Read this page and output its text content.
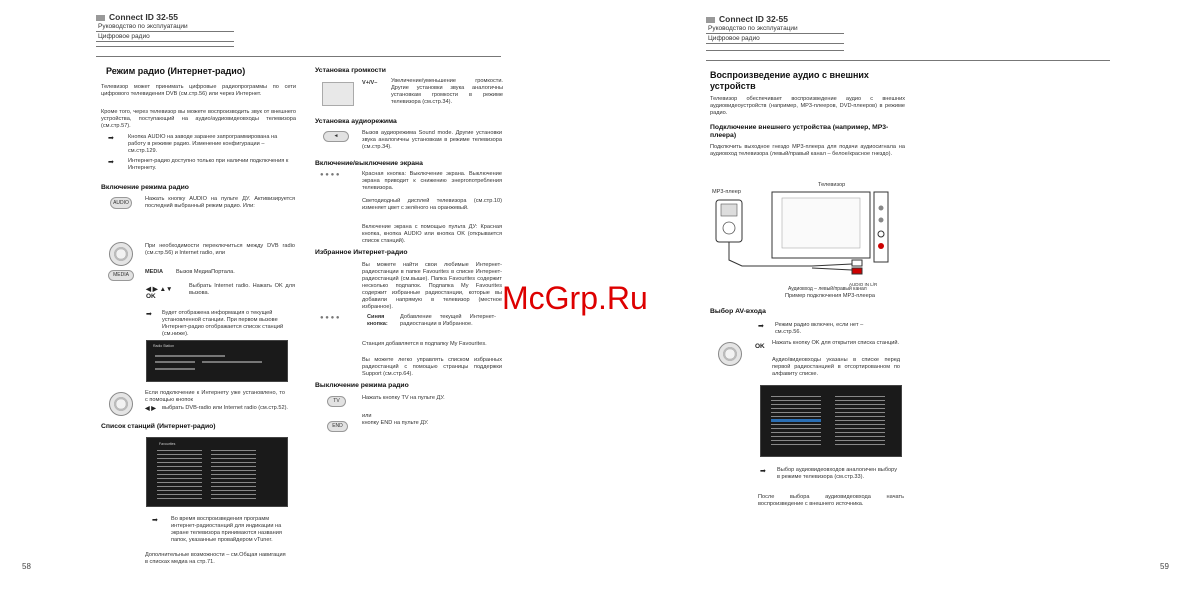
Connect ID 32-55
Руководство по эксплуатации
Цифровое радио
Connect ID 32-55
Руководство по эксплуатации
Цифровое радио
Режим радио (Интернет-радио)
Телевизор может принимать цифровые радиопрограммы по сети цифрового телевидения DVB (см.стр.56) или через Интернет.
Кроме того, через телевизор вы можете воспроизводить звук от внешнего устройства, поступающий на аудио/аудиовидеовходы телевизора (см.стр.57).
➡	Кнопка AUDIO на заводе заранее запрограммирована на работу в режиме радио. Изменение конфигурации – см.стр.129.
➡	Интернет-радио доступно только при наличии подключения к Интернету.
Включение режима радио
AUDIO
Нажать кнопку AUDIO на пульте ДУ. Активизируется последний выбранный режим радио. Или:
При необходимости переключиться между DVB radio (см.стр.56) и Internet radio, или
MEDIA	MEDIA Вызов МедиаПортала.
◀ ▶ ▲▼
OK
Выбрать Internet radio. Нажать OK для вызова.
➡ Будет отображена информация о текущей установленной станции. При первом вызове Интернет-радио отображается список станций (см.ниже).
Radio Station
Если подключение к Интернету уже установлено, то с помощью кнопок
◀ ▶ выбрать DVB-radio или Internet radio (см.стр.52).
Список станций (Интернет-радио)
Favourites
➡ Во время воспроизведения программ интернет-радиостанций для индикации на экране телевизора принимаются названия папок, указанные провайдером vTuner.
Дополнительные возможности – см.Общая навигация в списках медиа на стр.71.
58
Установка громкости
V+/V– Увеличение/уменьшение громкости. Другие установки звука аналогичны установкам громкости в режиме телевизора (см.стр.34).
Установка аудиорежима
◄	Вызов аудиорежима Sound mode. Другие установки звука аналогичны установкам в режиме телевизора (см.стр.34).
Включение/выключение экрана
● ● ● ●	Красная кнопка: Выключение экрана. Выключение экрана приводит к снижению энергопотребления телевизора.
Светодиодный дисплей телевизора (см.стр.10) изменяет цвет с зелёного на оранжевый.
Включение экрана с помощью пульта ДУ: Красная кнопка, кнопка AUDIO или кнопка OK (открывается список станций).
Избранное Интернет-радио
Вы можете найти свои любимые Интернет-радиостанции в папке Favourites в списке Интернет-радиостанций (см.выше). Папка Favourites содержит несколько подпапок. Подпапка My Favourites содержит избранные радиостанции, которые вы добавили напрямую в телевизор (местное избранное).
● ● ● ●	Синяя кнопка:
Добавление текущей Интернет-радиостанции в Избранное.
Станция добавляется в подпапку My Favourites.
Вы можете легко управлять списком избранных радиостанций с помощью страницы поддержки Support (см.стр.64).
Выключение режима радио
TV	Нажать кнопку TV на пульте ДУ.
или
END	кнопку END на пульте ДУ.
McGrp.Ru
Воспроизведение аудио с внешних устройств
Телевизор обеспечивает воспроизведение аудио с внешних аудиовидеоустройств (например, MP3-плееров, DVD-плееров) в режиме радио.
Подключение внешнего устройства (например, MP3-плеера)
Подключить выходное гнездо MP3-плеера для подачи аудиосигнала на аудиовход телевизора (левый/правый канал – белое/красное гнездо).
MP3-плеер
Телевизор
AUDIO IN L/R
Аудиовход – левый/правый канал
Пример подключения MP3-плеера
Выбор AV-входа
➡ Режим радио включен, если нет – см.стр.56.
OK Нажать кнопку OK для открытия списка станций.
Аудио/видеовходы указаны в списке перед первой радиостанцией в отсортированном по алфавиту списке.
➡ Выбор аудиовидеовходов аналогичен выбору в режиме телевизора (см.стр.33).
После выбора аудиовидеовхода начать воспроизведение с внешнего источника.
59
